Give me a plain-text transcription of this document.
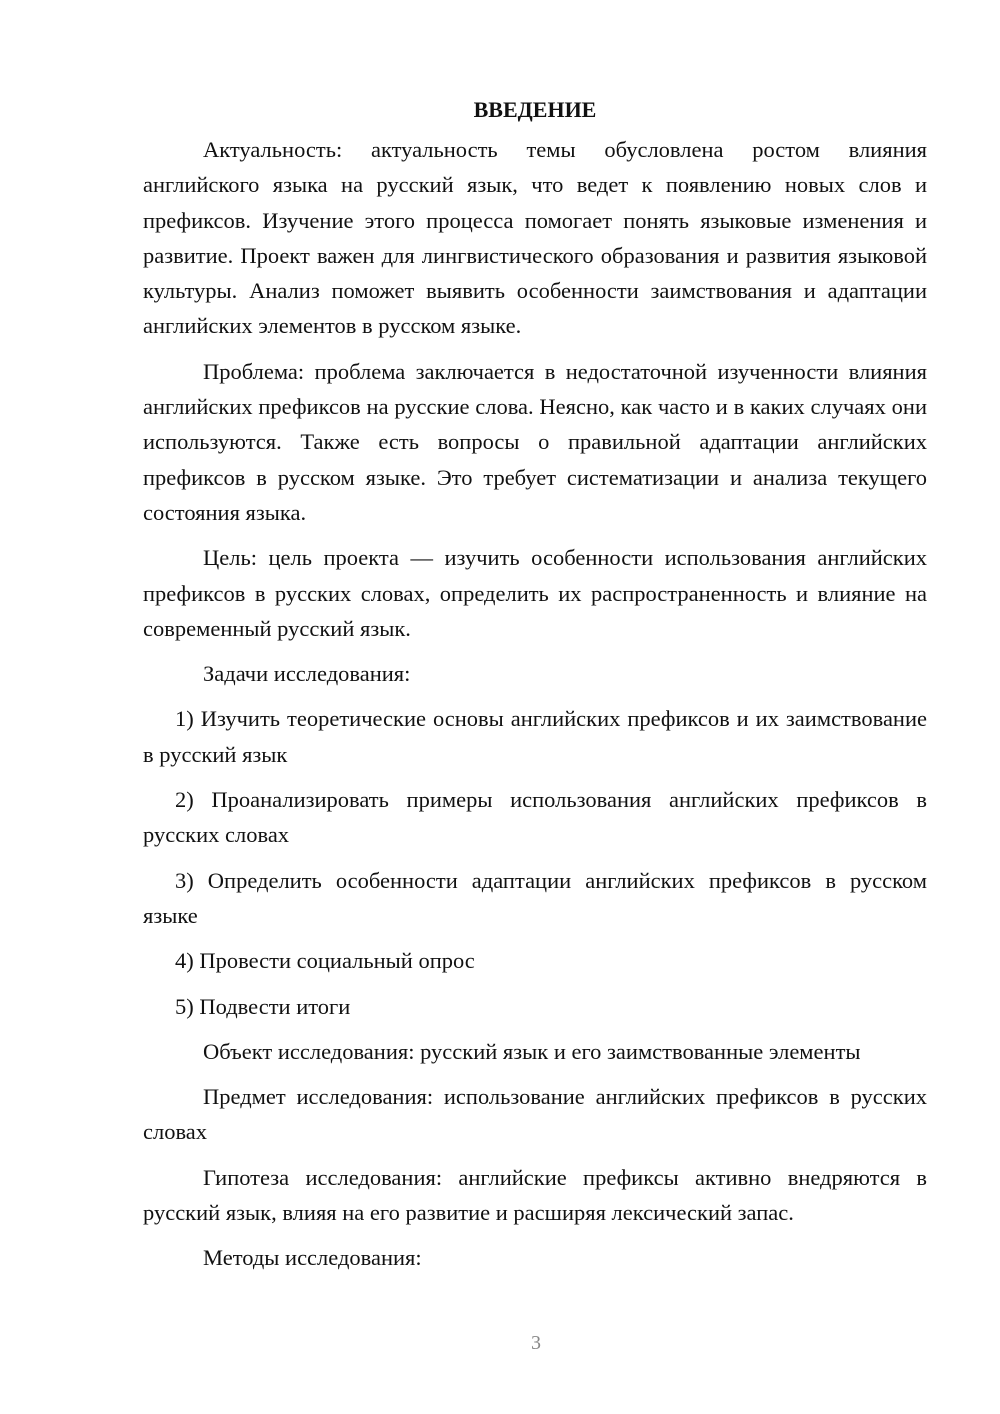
ВВЕДЕНИЕ

Актуальность: актуальность темы обусловлена ростом влияния английского языка на русский язык, что ведет к появлению новых слов и префиксов. Изучение этого процесса помогает понять языковые изменения и развитие. Проект важен для лингвистического образования и развития языковой культуры. Анализ поможет выявить особенности заимствования и адаптации английских элементов в русском языке.

Проблема: проблема заключается в недостаточной изученности влияния английских префиксов на русские слова. Неясно, как часто и в каких случаях они используются. Также есть вопросы о правильной адаптации английских префиксов в русском языке. Это требует систематизации и анализа текущего состояния языка.

Цель: цель проекта — изучить особенности использования английских префиксов в русских словах, определить их распространенность и влияние на современный русский язык.

Задачи исследования:

1) Изучить теоретические основы английских префиксов и их заимствование в русский язык

2) Проанализировать примеры использования английских префиксов в русских словах

3) Определить особенности адаптации английских префиксов в русском языке

4) Провести социальный опрос

5) Подвести итоги

Объект исследования: русский язык и его заимствованные элементы

Предмет исследования: использование английских префиксов в русских словах

Гипотеза исследования: английские префиксы активно внедряются в русский язык, влияя на его развитие и расширяя лексический запас.

Методы исследования:

3
